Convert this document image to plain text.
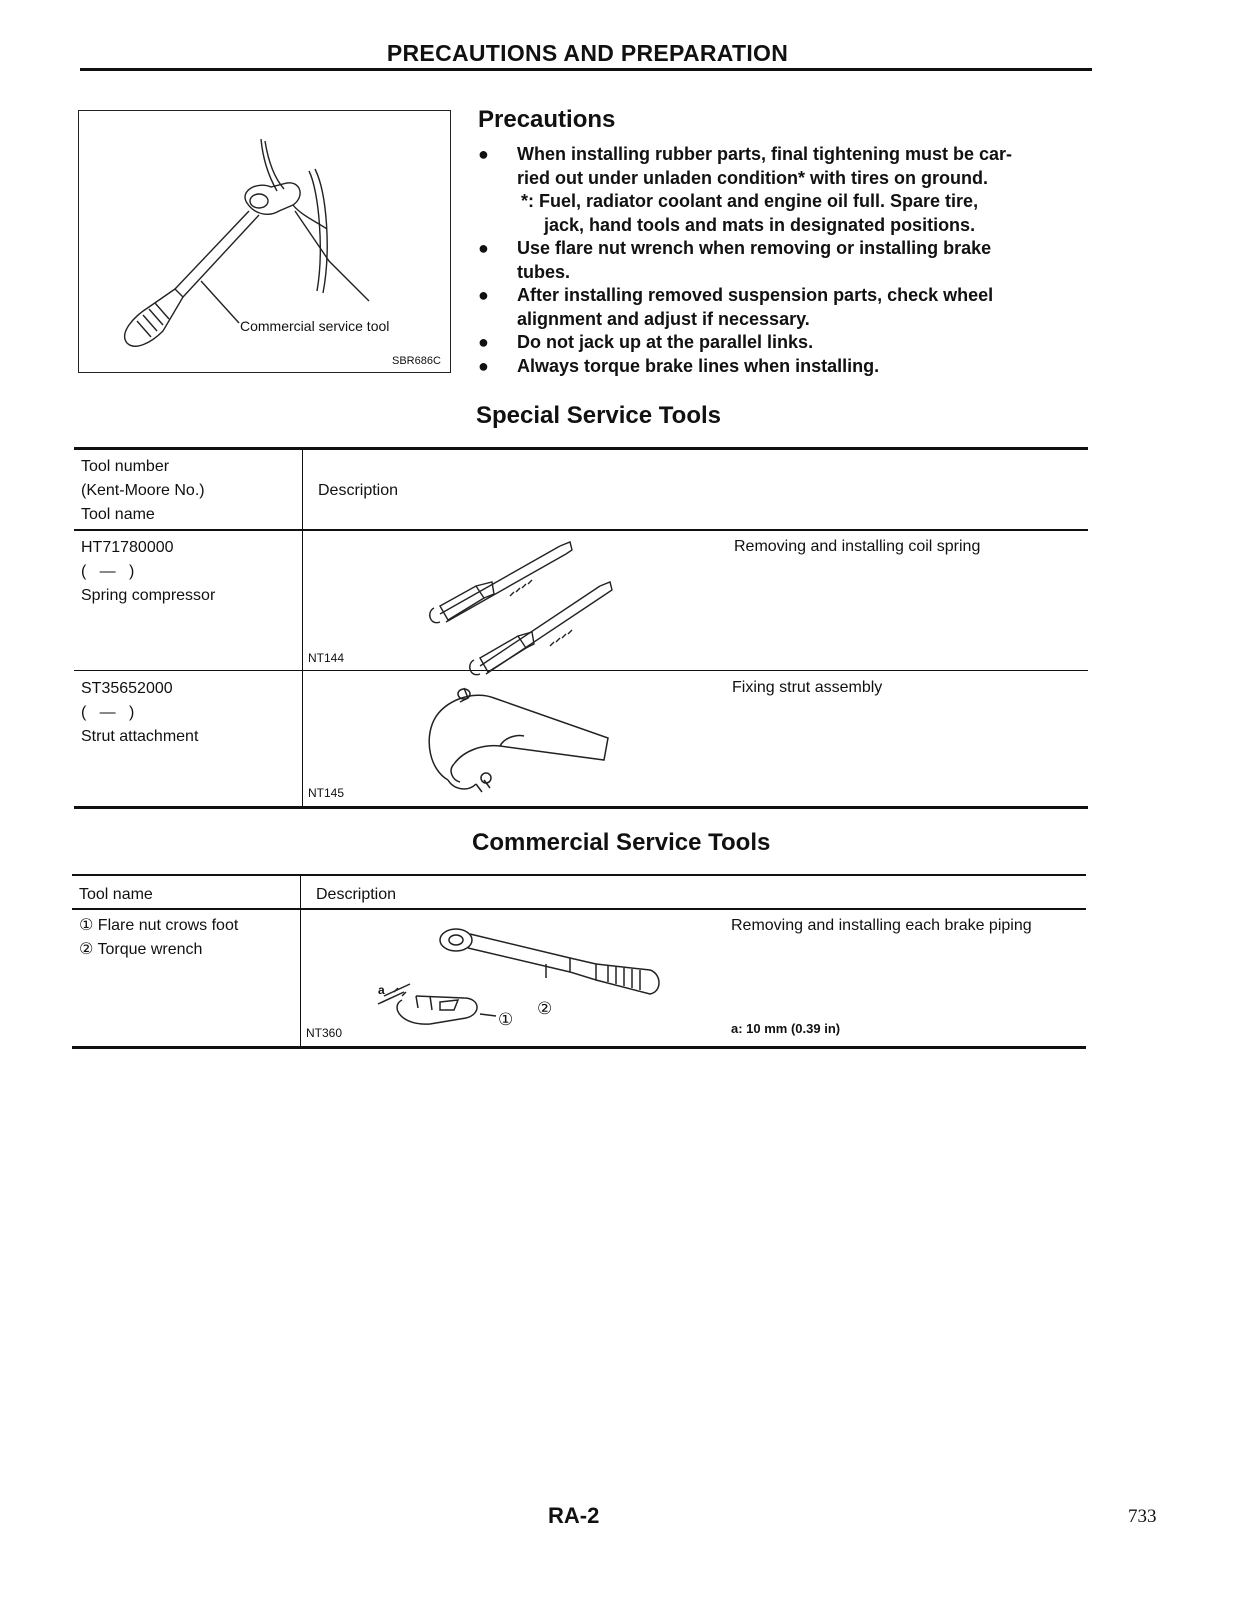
PRECAUTIONS AND PREPARATION
Commercial service tool
SBR686C
Precautions
● When installing rubber parts, final tightening must be car-
ried out under unladen condition* with tires on ground.
*: Fuel, radiator coolant and engine oil full. Spare tire,
jack, hand tools and mats in designated positions.
● Use flare nut wrench when removing or installing brake
tubes.
● After installing removed suspension parts, check wheel
alignment and adjust if necessary.
● Do not jack up at the parallel links.
● Always torque brake lines when installing.
Special Service Tools
Tool number
(Kent-Moore No.)
Tool name
Description
HT71780000
(   —   )
Spring compressor
NT144
Removing and installing coil spring
ST35652000
(   —   )
Strut attachment
NT145
Fixing strut assembly
Commercial Service Tools
Tool name	Description
① Flare nut crows foot
② Torque wrench
NT360
Removing and installing each brake piping
a: 10 mm (0.39 in)
a
①
②
RA-2	733
